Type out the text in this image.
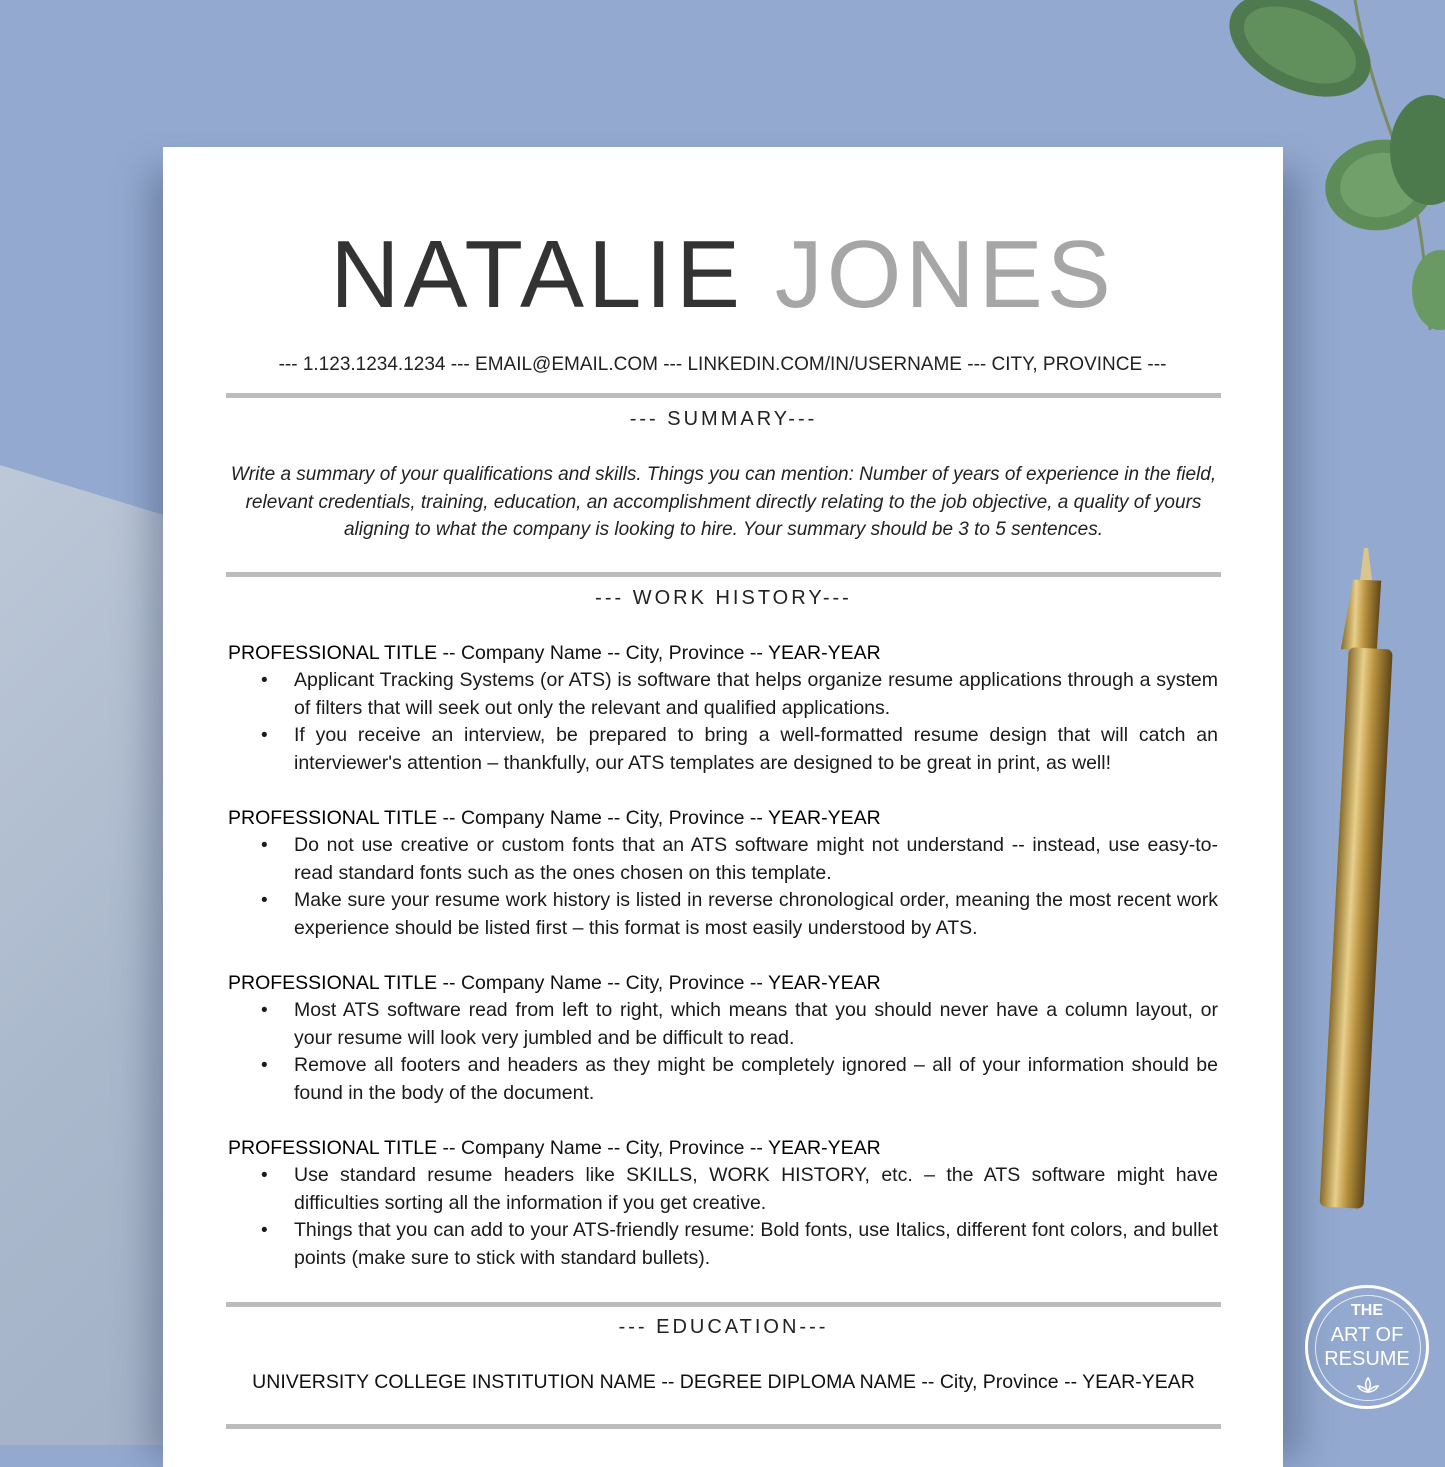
NATALIE JONES
--- 1.123.1234.1234 --- EMAIL@EMAIL.COM --- LINKEDIN.COM/IN/USERNAME --- CITY, PROVINCE ---
--- SUMMARY---
Write a summary of your qualifications and skills. Things you can mention: Number of years of experience in the field, relevant credentials, training, education, an accomplishment directly relating to the job objective, a quality of yours aligning to what the company is looking to hire. Your summary should be 3 to 5 sentences.
--- WORK HISTORY---
PROFESSIONAL TITLE -- Company Name -- City, Province -- YEAR-YEAR
• Applicant Tracking Systems (or ATS) is software that helps organize resume applications through a system of filters that will seek out only the relevant and qualified applications.
• If you receive an interview, be prepared to bring a well-formatted resume design that will catch an interviewer's attention – thankfully, our ATS templates are designed to be great in print, as well!
PROFESSIONAL TITLE -- Company Name -- City, Province -- YEAR-YEAR
• Do not use creative or custom fonts that an ATS software might not understand -- instead, use easy-to-read standard fonts such as the ones chosen on this template.
• Make sure your resume work history is listed in reverse chronological order, meaning the most recent work experience should be listed first – this format is most easily understood by ATS.
PROFESSIONAL TITLE -- Company Name -- City, Province -- YEAR-YEAR
• Most ATS software read from left to right, which means that you should never have a column layout, or your resume will look very jumbled and be difficult to read.
• Remove all footers and headers as they might be completely ignored – all of your information should be found in the body of the document.
PROFESSIONAL TITLE -- Company Name -- City, Province -- YEAR-YEAR
• Use standard resume headers like SKILLS, WORK HISTORY, etc. – the ATS software might have difficulties sorting all the information if you get creative.
• Things that you can add to your ATS-friendly resume: Bold fonts, use Italics, different font colors, and bullet points (make sure to stick with standard bullets).
--- EDUCATION---
UNIVERSITY COLLEGE INSTITUTION NAME -- DEGREE DIPLOMA NAME -- City, Province -- YEAR-YEAR
THE
ART OF
RESUME
